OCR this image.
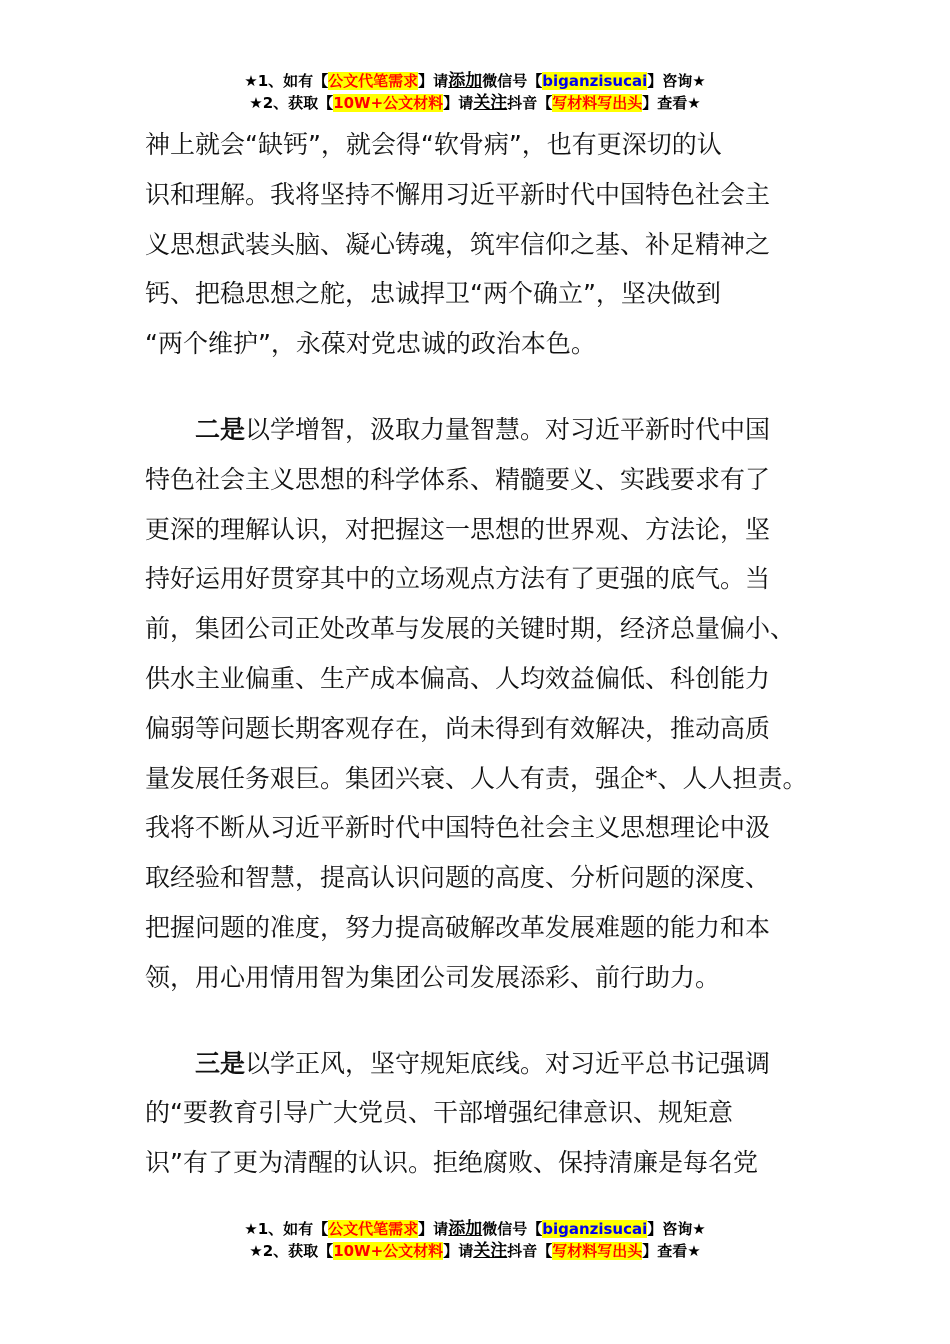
★1、如有【公文代笔需求】请添加微信号【biganzisucai】咨询★
★2、获取【10W+公文材料】请关注抖音【写材料写出头】查看★
神上就会“缺钙”，就会得“软骨病”，也有更深切的认
识和理解。我将坚持不懈用习近平新时代中国特色社会主
义思想武装头脑、凝心铸魂，筑牢信仰之基、补足精神之
钙、把稳思想之舵，忠诚捍卫“两个确立”，坚决做到
“两个维护”，永葆对党忠诚的政治本色。
二是以学增智，汲取力量智慧。对习近平新时代中国
特色社会主义思想的科学体系、精髓要义、实践要求有了
更深的理解认识，对把握这一思想的世界观、方法论，坚
持好运用好贯穿其中的立场观点方法有了更强的底气。当
前，集团公司正处改革与发展的关键时期，经济总量偏小、
供水主业偏重、生产成本偏高、人均效益偏低、科创能力
偏弱等问题长期客观存在，尚未得到有效解决，推动高质
量发展任务艰巨。集团兴衰、人人有责，强企*、人人担责。
我将不断从习近平新时代中国特色社会主义思想理论中汲
取经验和智慧，提高认识问题的高度、分析问题的深度、
把握问题的准度，努力提高破解改革发展难题的能力和本
领，用心用情用智为集团公司发展添彩、前行助力。
三是以学正风，坚守规矩底线。对习近平总书记强调
的“要教育引导广大党员、干部增强纪律意识、规矩意
识”有了更为清醒的认识。拒绝腐败、保持清廉是每名党
★1、如有【公文代笔需求】请添加微信号【biganzisucai】咨询★
★2、获取【10W+公文材料】请关注抖音【写材料写出头】查看★
